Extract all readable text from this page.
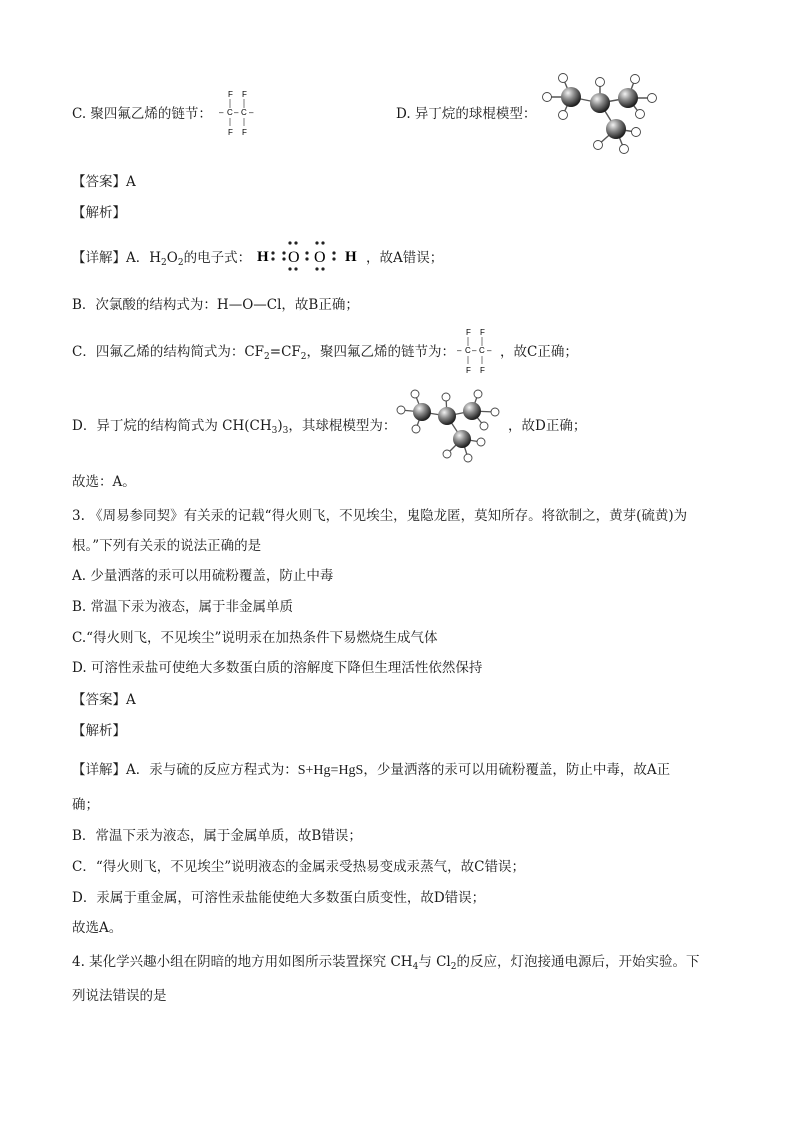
C. 聚四氟乙烯的链节：
F F
– C – C –
F F
D. 异丁烷的球棍模型：
【答案】A
【解析】
【详解】A．$H_2O_2$的电子式： H O O H ，故A错误；
B．次氯酸的结构式为：H—O—Cl，故B正确；
C．四氟乙烯的结构简式为：$CF_2=CF_2$，聚四氟乙烯的链节为：
F F
– C – C –
F F
，故C正确；
D．异丁烷的结构简式为 $CH(CH_3)_3$，其球棍模型为：	，故D正确；
故选：A。
3. 《周易参同契》有关汞的记载“得火则飞，不见埃尘，鬼隐龙匿，莫知所存。将欲制之，黄芽(硫黄)为
根。”下列有关汞的说法正确的是
A. 少量洒落的汞可以用硫粉覆盖，防止中毒
B. 常温下汞为液态，属于非金属单质
C.“得火则飞，不见埃尘”说明汞在加热条件下易燃烧生成气体
D. 可溶性汞盐可使绝大多数蛋白质的溶解度下降但生理活性依然保持
【答案】A
【解析】
【详解】A．汞与硫的反应方程式为：S+Hg=HgS，少量洒落的汞可以用硫粉覆盖，防止中毒，故A正
确；
B．常温下汞为液态，属于金属单质，故B错误；
C．“得火则飞，不见埃尘”说明液态的金属汞受热易变成汞蒸气，故C错误；
D．汞属于重金属，可溶性汞盐能使绝大多数蛋白质变性，故D错误；
故选A。
4. 某化学兴趣小组在阴暗的地方用如图所示装置探究 $CH_4$与 $Cl_2$的反应，灯泡接通电源后，开始实验。下
列说法错误的是
